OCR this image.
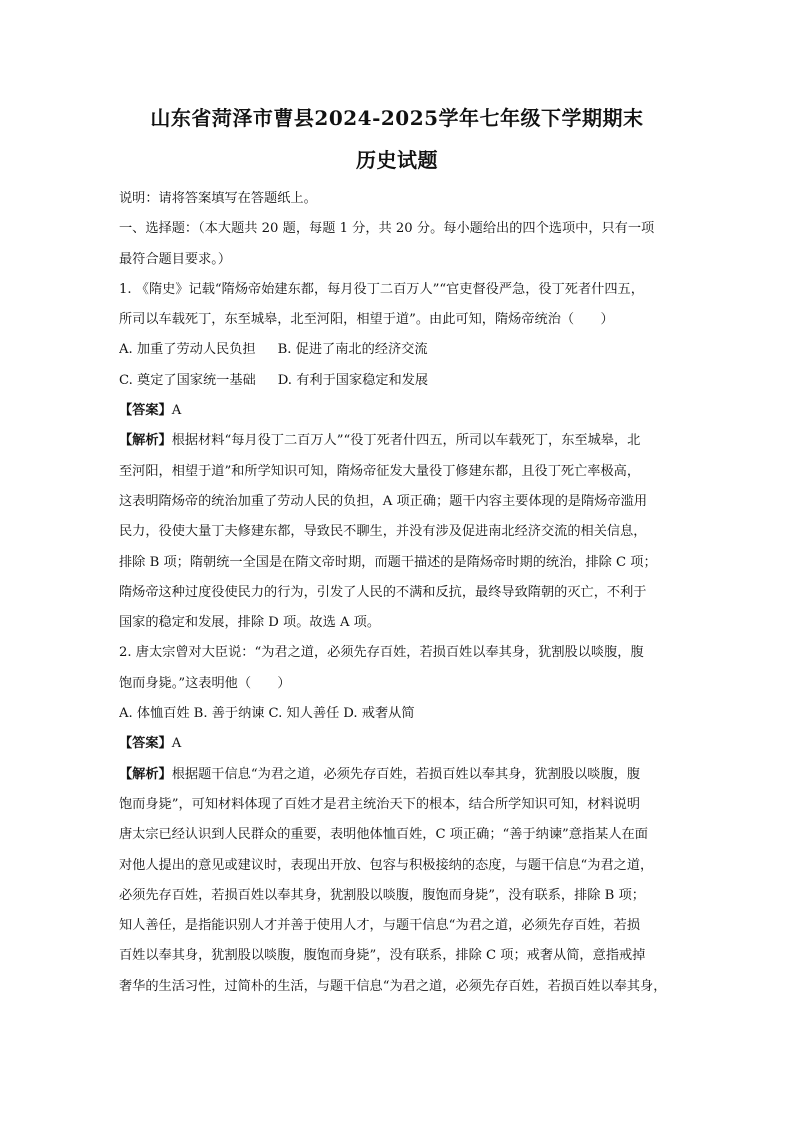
山东省菏泽市曹县2024-2025学年七年级下学期期末
历史试题
说明：请将答案填写在答题纸上。
一、选择题：（本大题共 20 题，每题 1 分，共 20 分。每小题给出的四个选项中，只有一项
最符合题目要求。）
1. 《隋史》记载“隋炀帝始建东都，每月役丁二百万人”“官吏督役严急，役丁死者什四五，
所司以车载死丁，东至城皋，北至河阳，相望于道”。由此可知，隋炀帝统治（　　）
A. 加重了劳动人民负担 B. 促进了南北的经济交流
C. 奠定了国家统一基础 D. 有利于国家稳定和发展
【答案】A
【解析】根据材料“每月役丁二百万人”“役丁死者什四五，所司以车载死丁，东至城皋，北
至河阳，相望于道”和所学知识可知，隋炀帝征发大量役丁修建东都，且役丁死亡率极高，
这表明隋炀帝的统治加重了劳动人民的负担，A 项正确；题干内容主要体现的是隋炀帝滥用
民力，役使大量丁夫修建东都，导致民不聊生，并没有涉及促进南北经济交流的相关信息，
排除 B 项；隋朝统一全国是在隋文帝时期，而题干描述的是隋炀帝时期的统治，排除 C 项；
隋炀帝这种过度役使民力的行为，引发了人民的不满和反抗，最终导致隋朝的灭亡，不利于
国家的稳定和发展，排除 D 项。故选 A 项。
2. 唐太宗曾对大臣说：“为君之道，必须先存百姓，若损百姓以奉其身，犹割股以啖腹，腹
饱而身毙。”这表明他（　　）
A. 体恤百姓 B. 善于纳谏 C. 知人善任 D. 戒奢从简
【答案】A
【解析】根据题干信息“为君之道，必须先存百姓，若损百姓以奉其身，犹割股以啖腹，腹
饱而身毙”，可知材料体现了百姓才是君主统治天下的根本，结合所学知识可知，材料说明
唐太宗已经认识到人民群众的重要，表明他体恤百姓，C 项正确；“善于纳谏”意指某人在面
对他人提出的意见或建议时，表现出开放、包容与积极接纳的态度，与题干信息“为君之道，
必须先存百姓，若损百姓以奉其身，犹割股以啖腹，腹饱而身毙”，没有联系，排除 B 项；
知人善任，是指能识别人才并善于使用人才，与题干信息“为君之道，必须先存百姓，若损
百姓以奉其身，犹割股以啖腹，腹饱而身毙”，没有联系，排除 C 项；戒奢从简，意指戒掉
奢华的生活习性，过简朴的生活，与题干信息“为君之道，必须先存百姓，若损百姓以奉其身，
